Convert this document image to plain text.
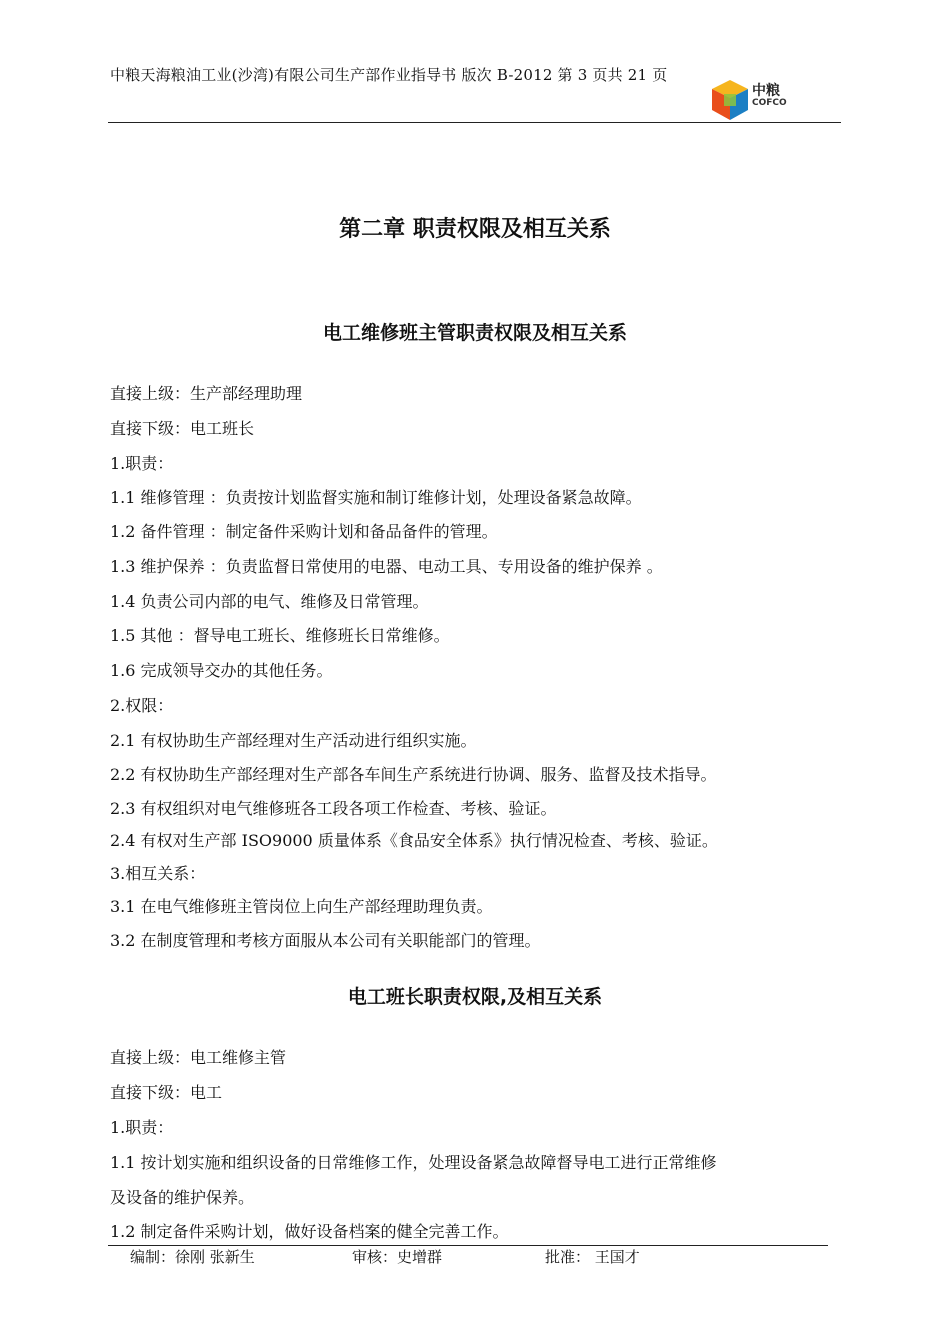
中粮天海粮油工业(沙湾)有限公司生产部作业指导书 版次 B-2012 第 3 页共 21 页
中粮
COFCO
第二章 职责权限及相互关系
电工维修班主管职责权限及相互关系
直接上级：生产部经理助理
直接下级：电工班长
1.职责：
1.1 维修管理 ：负责按计划监督实施和制订维修计划，处理设备紧急故障。
1.2 备件管理 ：制定备件采购计划和备品备件的管理。
1.3 维护保养 ：负责监督日常使用的电器、电动工具、专用设备的维护保养 。
1.4 负责公司内部的电气、维修及日常管理。
1.5 其他 ：督导电工班长、维修班长日常维修。
1.6 完成领导交办的其他任务。
2.权限：
2.1 有权协助生产部经理对生产活动进行组织实施。
2.2 有权协助生产部经理对生产部各车间生产系统进行协调、服务、监督及技术指导。
2.3 有权组织对电气维修班各工段各项工作检查、考核、验证。
2.4 有权对生产部 ISO9000 质量体系《食品安全体系》执行情况检查、考核、验证。
3.相互关系：
3.1 在电气维修班主管岗位上向生产部经理助理负责。
3.2 在制度管理和考核方面服从本公司有关职能部门的管理。
电工班长职责权限,及相互关系
直接上级：电工维修主管
直接下级：电工
1.职责：
1.1 按计划实施和组织设备的日常维修工作，处理设备紧急故障督导电工进行正常维修
及设备的维护保养。
1.2 制定备件采购计划，做好设备档案的健全完善工作。
编制：徐刚 张新生	审核：史增群	批准： 王国才
